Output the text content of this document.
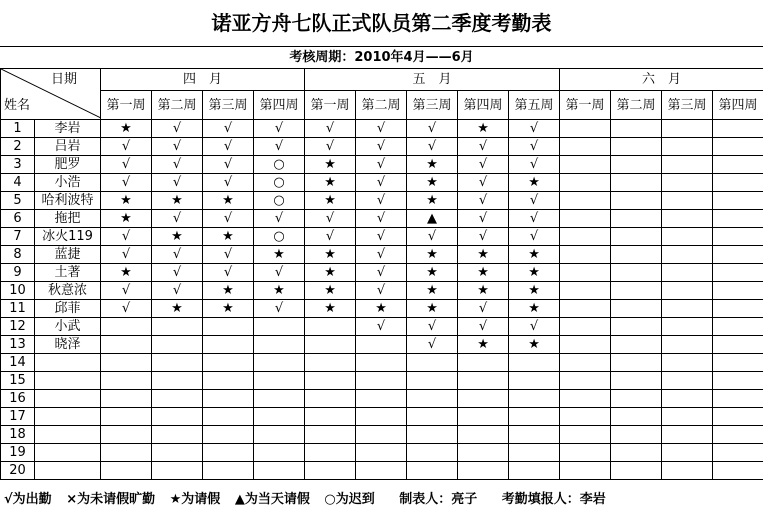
诺亚方舟七队正式队员第二季度考勤表
考核周期：2010年4月——6月
日期
姓名		四　月				五　月					六　月			
		第一周	第二周	第三周	第四周	第一周	第二周	第三周	第四周	第五周	第一周	第二周	第三周	第四周
1	李岩	★	√	√	√	√	√	√	★	√				
2	吕岩	√	√	√	√	√	√	√	√	√				
3	肥罗	√	√	√	○	★	√	★	√	√				
4	小浩	√	√	√	○	★	√	★	√	★				
5	哈利波特	★	★	★	○	★	√	★	√	√				
6	拖把	★	√	√	√	√	√	▲	√	√				
7	冰火119	√	★	★	○	√	√	√	√	√				
8	蓝捷	√	√	√	★	★	√	★	★	★				
9	土著	★	√	√	√	★	√	★	★	★				
10	秋意浓	√	√	★	★	★	√	★	★	★				
11	邱菲	√	★	★	√	★	★	★	√	★				
12	小武						√	√	√	√				
13	晓泽							√	★	★				
14														
15														
16														
17														
18														
19														
20														
√为出勤 ×为未请假旷勤 ★为请假 ▲为当天请假 ○为迟到 制表人：亮子 考勤填报人：李岩
